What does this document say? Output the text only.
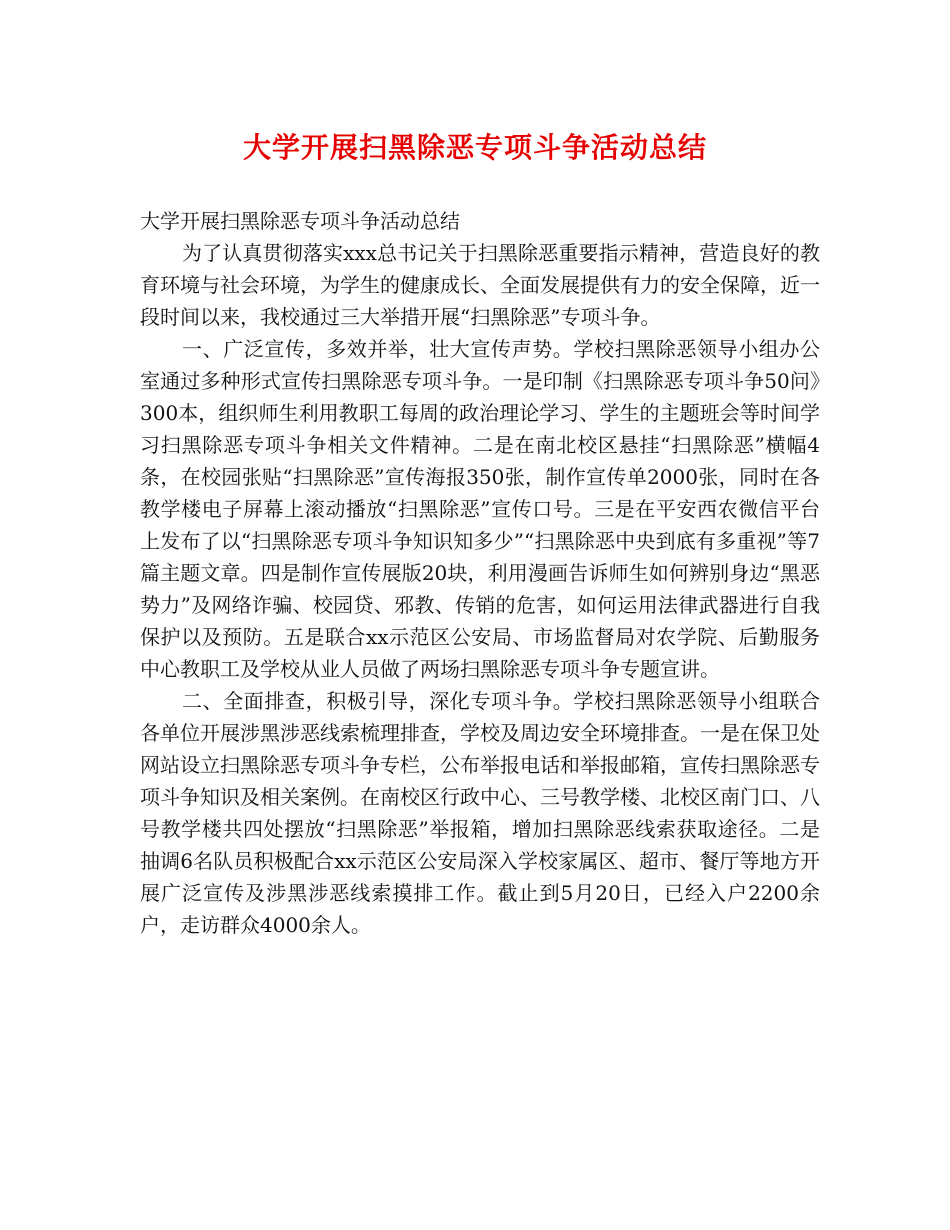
大学开展扫黑除恶专项斗争活动总结

大学开展扫黑除恶专项斗争活动总结

为了认真贯彻落实xxx总书记关于扫黑除恶重要指示精神，营造良好的教育环境与社会环境，为学生的健康成长、全面发展提供有力的安全保障，近一段时间以来，我校通过三大举措开展“扫黑除恶”专项斗争。

一、广泛宣传，多效并举，壮大宣传声势。学校扫黑除恶领导小组办公室通过多种形式宣传扫黑除恶专项斗争。一是印制《扫黑除恶专项斗争50问》300本，组织师生利用教职工每周的政治理论学习、学生的主题班会等时间学习扫黑除恶专项斗争相关文件精神。二是在南北校区悬挂“扫黑除恶”横幅4条，在校园张贴“扫黑除恶”宣传海报350张，制作宣传单2000张，同时在各教学楼电子屏幕上滚动播放“扫黑除恶”宣传口号。三是在平安西农微信平台上发布了以“扫黑除恶专项斗争知识知多少”“扫黑除恶中央到底有多重视”等7篇主题文章。四是制作宣传展版20块，利用漫画告诉师生如何辨别身边“黑恶势力”及网络诈骗、校园贷、邪教、传销的危害，如何运用法律武器进行自我保护以及预防。五是联合xx示范区公安局、市场监督局对农学院、后勤服务中心教职工及学校从业人员做了两场扫黑除恶专项斗争专题宣讲。

二、全面排查，积极引导，深化专项斗争。学校扫黑除恶领导小组联合各单位开展涉黑涉恶线索梳理排查，学校及周边安全环境排查。一是在保卫处网站设立扫黑除恶专项斗争专栏，公布举报电话和举报邮箱，宣传扫黑除恶专项斗争知识及相关案例。在南校区行政中心、三号教学楼、北校区南门口、八号教学楼共四处摆放“扫黑除恶”举报箱，增加扫黑除恶线索获取途径。二是抽调6名队员积极配合xx示范区公安局深入学校家属区、超市、餐厅等地方开展广泛宣传及涉黑涉恶线索摸排工作。截止到5月20日，已经入户2200余户，走访群众4000余人。
